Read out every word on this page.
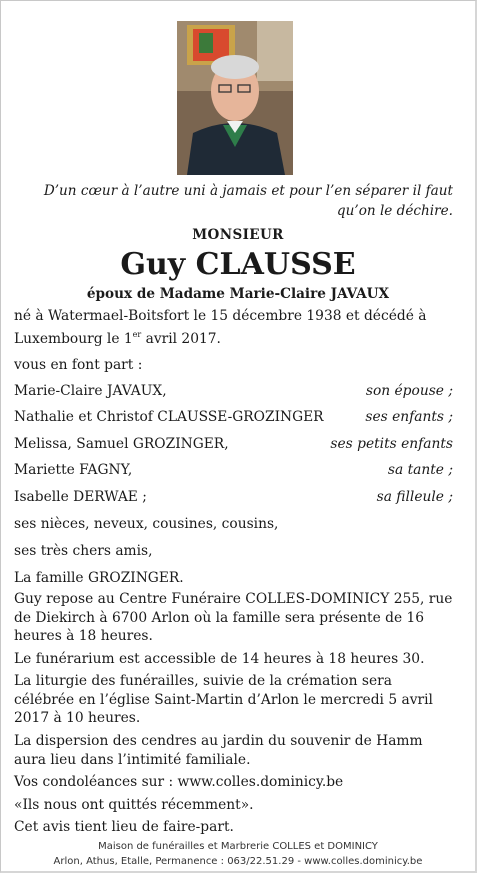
D’un cœur à l’autre uni à jamais et pour l’en séparer il faut qu’on le déchire.
MONSIEUR
Guy CLAUSSE
époux de Madame Marie-Claire JAVAUX
né à Watermael-Boitsfort le 15 décembre 1938 et décédé à Luxembourg le 1er avril 2017.
vous en font part :
Marie-Claire JAVAUX,	son épouse ;
Nathalie et Christof CLAUSSE-GROZINGER	ses enfants ;
Melissa, Samuel GROZINGER,	ses petits enfants
Mariette FAGNY,	sa tante ;
Isabelle DERWAE ;	sa filleule ;
ses nièces, neveux, cousines, cousins,
ses très chers amis,
La famille GROZINGER.
Guy repose au Centre Funéraire COLLES-DOMINICY 255, rue de Diekirch à 6700 Arlon où la famille sera présente de 16 heures à 18 heures.
Le funérarium est accessible de 14 heures à 18 heures 30.
La liturgie des funérailles, suivie de la crémation sera célébrée en l’église Saint-Martin d’Arlon le mercredi 5 avril 2017 à 10 heures.
La dispersion des cendres au jardin du souvenir de Hamm aura lieu dans l’intimité familiale.
Vos condoléances sur : www.colles.dominicy.be
«Ils nous ont quittés récemment».
Cet avis tient lieu de faire-part.
Maison de funérailles et Marbrerie COLLES et DOMINICY
Arlon, Athus, Etalle, Permanence : 063/22.51.29 - www.colles.dominicy.be
